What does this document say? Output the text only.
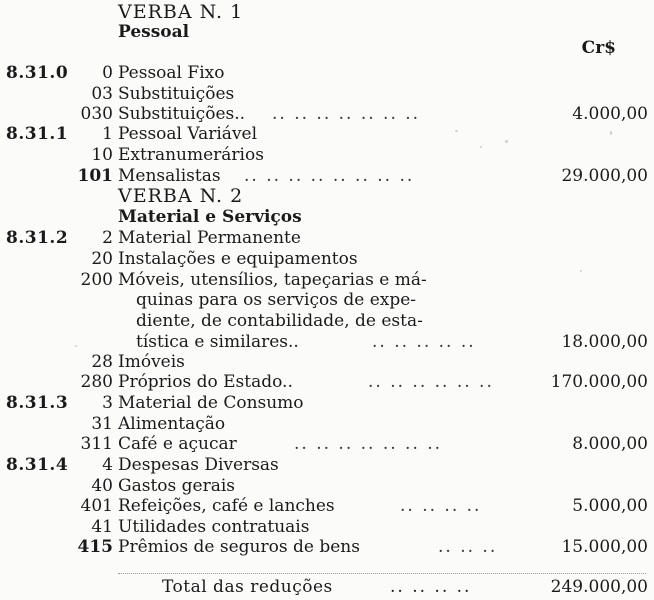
VERBA N. 1
Pessoal
Cr$
8.31.0 0 Pessoal Fixo
03 Substituições
030 Substituições.. .. .. .. .. .. .. ..	4.000,00
8.31.1 1 Pessoal Variável
10 Extranumerários
101 Mensalistas .. .. .. .. .. .. .. ..	29.000,00
VERBA N. 2
Material e Serviços
8.31.2 2 Material Permanente
20 Instalações e equipamentos
200 Móveis, utensílios, tapeçarias e má-
quinas para os serviços de expe-
diente, de contabilidade, de esta-
tística e similares..	.. .. .. .. ..	18.000,00
28 Imóveis
280 Próprios do Estado..	.. .. .. .. .. ..	170.000,00
8.31.3 3 Material de Consumo
31 Alimentação
311 Café e açucar	.. .. .. .. .. .. ..	8.000,00
8.31.4 4 Despesas Diversas
40 Gastos gerais
401 Refeições, café e lanches	.. .. .. ..	5.000,00
41 Utilidades contratuais
415 Prêmios de seguros de bens	.. .. ..	15.000,00
Total das reduções	.. .. .. ..	249.000,00
